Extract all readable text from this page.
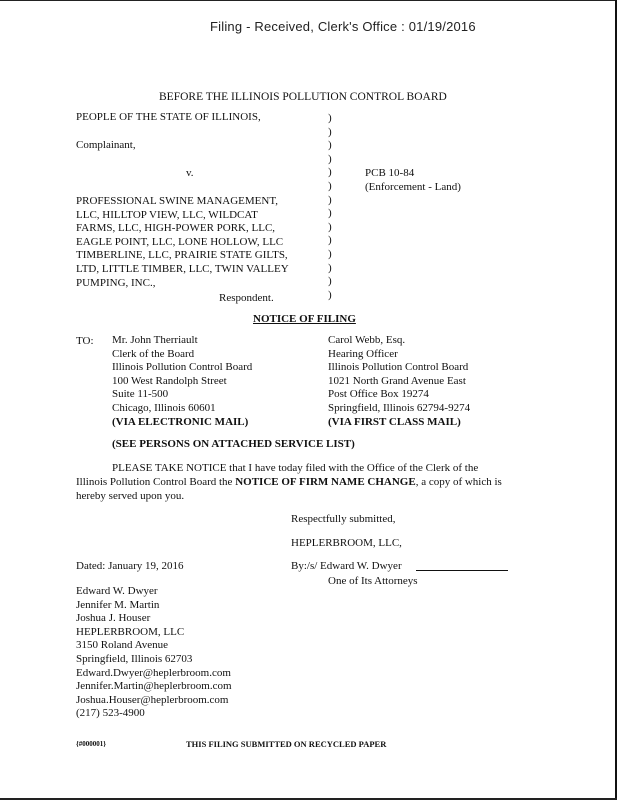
Filing - Received, Clerk's Office : 01/19/2016
BEFORE THE ILLINOIS POLLUTION CONTROL BOARD
PEOPLE OF THE STATE OF ILLINOIS,
Complainant,
v.
PROFESSIONAL SWINE MANAGEMENT,
LLC, HILLTOP VIEW, LLC, WILDCAT
FARMS, LLC, HIGH-POWER PORK, LLC,
EAGLE POINT, LLC, LONE HOLLOW, LLC
TIMBERLINE, LLC, PRAIRIE STATE GILTS,
LTD, LITTLE TIMBER, LLC, TWIN VALLEY
PUMPING, INC.,
Respondent.
)
)
)
)
)
)
)
)
)
)
)
)
)
)
PCB 10-84
(Enforcement - Land)
NOTICE OF FILING
TO: Mr. John Therriault
Clerk of the Board
Illinois Pollution Control Board
100 West Randolph Street
Suite 11-500
Chicago, Illinois 60601
(VIA ELECTRONIC MAIL)
Carol Webb, Esq.
Hearing Officer
Illinois Pollution Control Board
1021 North Grand Avenue East
Post Office Box 19274
Springfield, Illinois 62794-9274
(VIA FIRST CLASS MAIL)
(SEE PERSONS ON ATTACHED SERVICE LIST)
PLEASE TAKE NOTICE that I have today filed with the Office of the Clerk of the
Illinois Pollution Control Board the NOTICE OF FIRM NAME CHANGE, a copy of which is
hereby served upon you.
Respectfully submitted,
HEPLERBROOM, LLC,
Dated: January 19, 2016	By:/s/ Edward W. Dwyer
One of Its Attorneys
Edward W. Dwyer
Jennifer M. Martin
Joshua J. Houser
HEPLERBROOM, LLC
3150 Roland Avenue
Springfield, Illinois 62703
Edward.Dwyer@heplerbroom.com
Jennifer.Martin@heplerbroom.com
Joshua.Houser@heplerbroom.com
(217) 523-4900
{#000001}	THIS FILING SUBMITTED ON RECYCLED PAPER
